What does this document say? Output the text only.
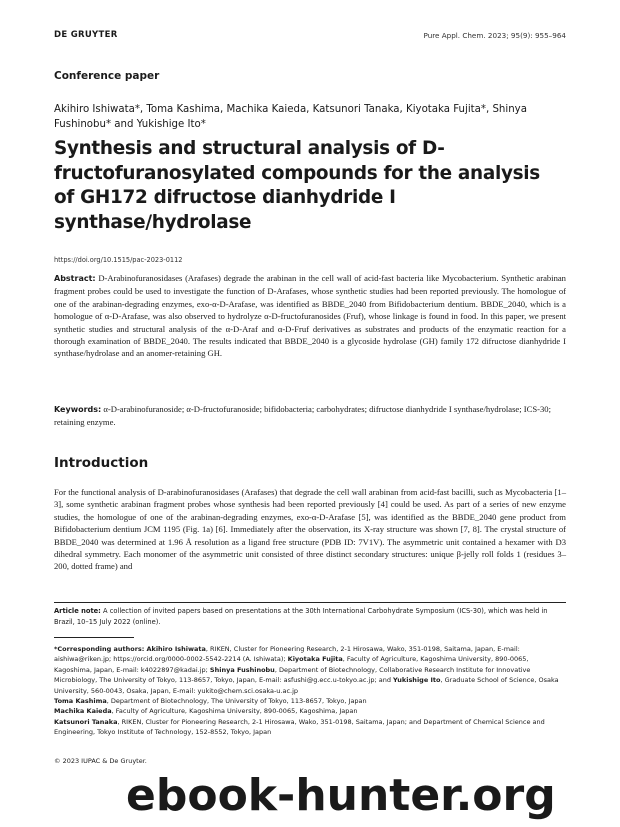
DE GRUYTER	Pure Appl. Chem. 2023; 95(9): 955–964
Conference paper
Akihiro Ishiwata*, Toma Kashima, Machika Kaieda, Katsunori Tanaka, Kiyotaka Fujita*, Shinya Fushinobu* and Yukishige Ito*
Synthesis and structural analysis of D-fructofuranosylated compounds for the analysis of GH172 difructose dianhydride I synthase/hydrolase
https://doi.org/10.1515/pac-2023-0112
Abstract: D-Arabinofuranosidases (Arafases) degrade the arabinan in the cell wall of acid-fast bacteria like Mycobacterium. Synthetic arabinan fragment probes could be used to investigate the function of D-Arafases, whose synthetic studies had been reported previously. The homologue of one of the arabinan-degrading enzymes, exo-α-D-Arafase, was identified as BBDE_2040 from Bifidobacterium dentium. BBDE_2040, which is a homologue of α-D-Arafase, was also observed to hydrolyze α-D-fructofuranosides (Fruf), whose linkage is found in food. In this paper, we present synthetic studies and structural analysis of the α-D-Araf and α-D-Fruf derivatives as substrates and products of the enzymatic reaction for a thorough examination of BBDE_2040. The results indicated that BBDE_2040 is a glycoside hydrolase (GH) family 172 difructose dianhydride I synthase/hydrolase and an anomer-retaining GH.
Keywords: α-D-arabinofuranoside; α-D-fructofuranoside; bifidobacteria; carbohydrates; difructose dianhydride I synthase/hydrolase; ICS-30; retaining enzyme.
Introduction
For the functional analysis of D-arabinofuranosidases (Arafases) that degrade the cell wall arabinan from acid-fast bacilli, such as Mycobacteria [1–3], some synthetic arabinan fragment probes whose synthesis had been reported previously [4] could be used. As part of a series of new enzyme studies, the homologue of one of the arabinan-degrading enzymes, exo-α-D-Arafase [5], was identified as the BBDE_2040 gene product from Bifidobacterium dentium JCM 1195 (Fig. 1a) [6]. Immediately after the observation, its X-ray structure was shown [7, 8]. The crystal structure of BBDE_2040 was determined at 1.96 Å resolution as a ligand free structure (PDB ID: 7V1V). The asymmetric unit contained a hexamer with D3 dihedral symmetry. Each monomer of the asymmetric unit consisted of three distinct secondary structures: unique β-jelly roll folds 1 (residues 3–200, dotted frame) and
Article note: A collection of invited papers based on presentations at the 30th International Carbohydrate Symposium (ICS-30), which was held in Brazil, 10–15 July 2022 (online).

*Corresponding authors: Akihiro Ishiwata, RIKEN, Cluster for Pioneering Research, 2-1 Hirosawa, Wako, 351-0198, Saitama, Japan, E-mail: aishiwa@riken.jp; https://orcid.org/0000-0002-5542-2214 (A. Ishiwata); Kiyotaka Fujita, Faculty of Agriculture, Kagoshima University, 890-0065, Kagoshima, Japan, E-mail: k4022897@kadai.jp; Shinya Fushinobu, Department of Biotechnology, Collaborative Research Institute for Innovative Microbiology, The University of Tokyo, 113-8657, Tokyo, Japan, E-mail: asfushi@g.ecc.u-tokyo.ac.jp; and Yukishige Ito, Graduate School of Science, Osaka University, 560-0043, Osaka, Japan, E-mail: yukito@chem.sci.osaka-u.ac.jp

Toma Kashima, Department of Biotechnology, The University of Tokyo, 113-8657, Tokyo, Japan

Machika Kaieda, Faculty of Agriculture, Kagoshima University, 890-0065, Kagoshima, Japan

Katsunori Tanaka, RIKEN, Cluster for Pioneering Research, 2-1 Hirosawa, Wako, 351-0198, Saitama, Japan; and Department of Chemical Science and Engineering, Tokyo Institute of Technology, 152-8552, Tokyo, Japan

© 2023 IUPAC & De Gruyter.
ebook-hunter.org
